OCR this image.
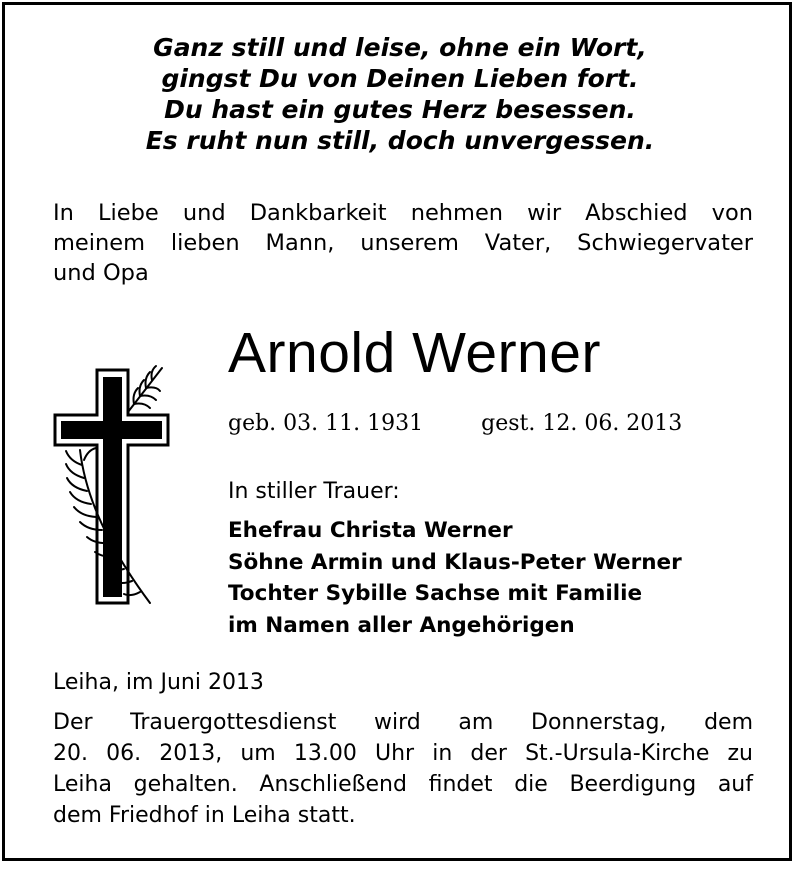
Ganz still und leise, ohne ein Wort,
gingst Du von Deinen Lieben fort.
Du hast ein gutes Herz besessen.
Es ruht nun still, doch unvergessen.
In Liebe und Dankbarkeit nehmen wir Abschied von
meinem lieben Mann, unserem Vater, Schwiegervater
und Opa
Arnold Werner
geb. 03. 11. 1931	gest. 12. 06. 2013
In stiller Trauer:
Ehefrau Christa Werner
Söhne Armin und Klaus-Peter Werner
Tochter Sybille Sachse mit Familie
im Namen aller Angehörigen
Leiha, im Juni 2013
Der Trauergottesdienst wird am Donnerstag, dem
20. 06. 2013, um 13.00 Uhr in der St.-Ursula-Kirche zu
Leiha gehalten. Anschließend findet die Beerdigung auf
dem Friedhof in Leiha statt.
